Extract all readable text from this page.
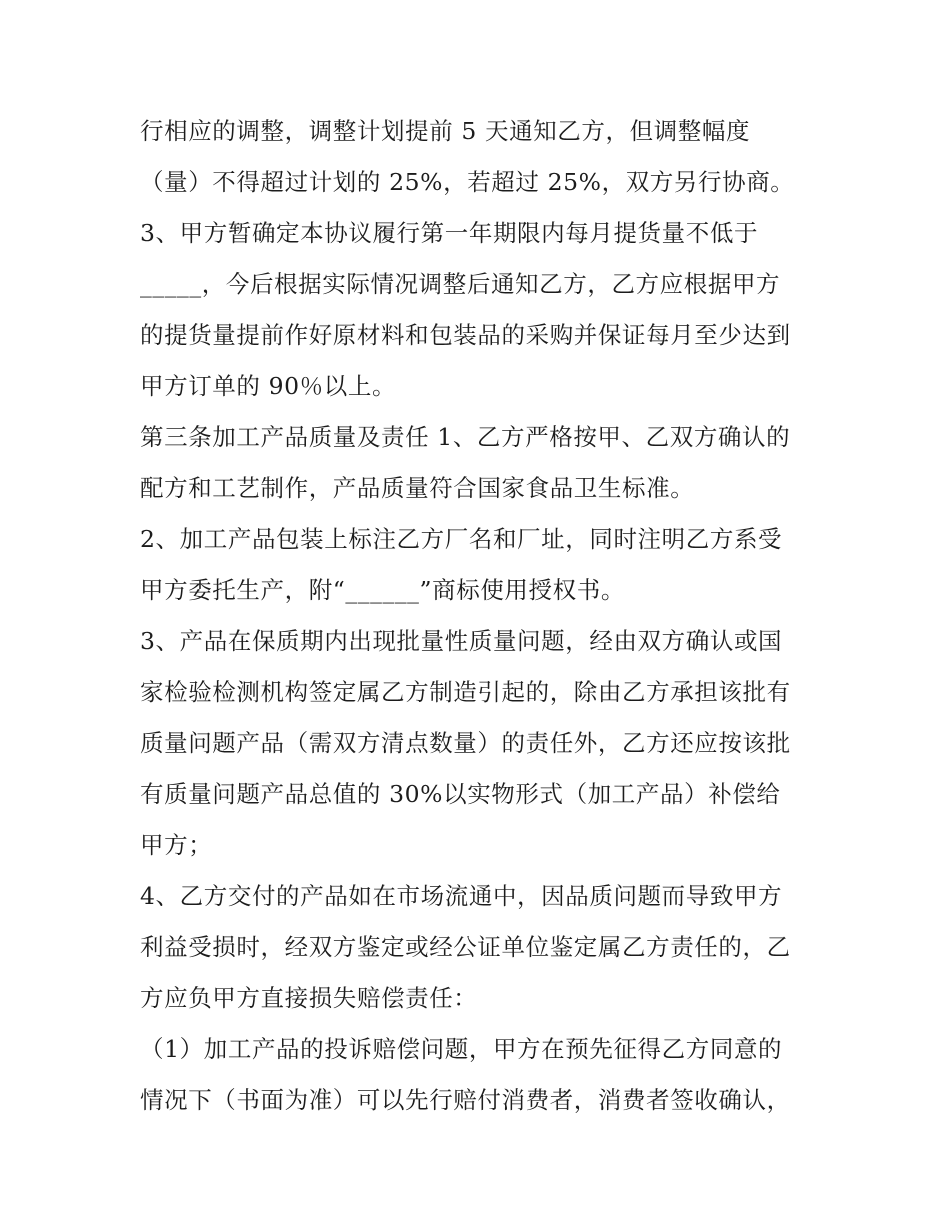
行相应的调整，调整计划提前 5 天通知乙方，但调整幅度
（量）不得超过计划的 25%，若超过 25%，双方另行协商。
3、甲方暂确定本协议履行第一年期限内每月提货量不低于
_____，今后根据实际情况调整后通知乙方，乙方应根据甲方
的提货量提前作好原材料和包装品的采购并保证每月至少达到
甲方订单的 90％以上。
第三条加工产品质量及责任 1、乙方严格按甲、乙双方确认的
配方和工艺制作，产品质量符合国家食品卫生标准。
2、加工产品包装上标注乙方厂名和厂址，同时注明乙方系受
甲方委托生产，附“______”商标使用授权书。
3、产品在保质期内出现批量性质量问题，经由双方确认或国
家检验检测机构签定属乙方制造引起的，除由乙方承担该批有
质量问题产品（需双方清点数量）的责任外，乙方还应按该批
有质量问题产品总值的 30%以实物形式（加工产品）补偿给
甲方；
4、乙方交付的产品如在市场流通中，因品质问题而导致甲方
利益受损时，经双方鉴定或经公证单位鉴定属乙方责任的，乙
方应负甲方直接损失赔偿责任：
（1）加工产品的投诉赔偿问题，甲方在预先征得乙方同意的
情况下（书面为准）可以先行赔付消费者，消费者签收确认，
